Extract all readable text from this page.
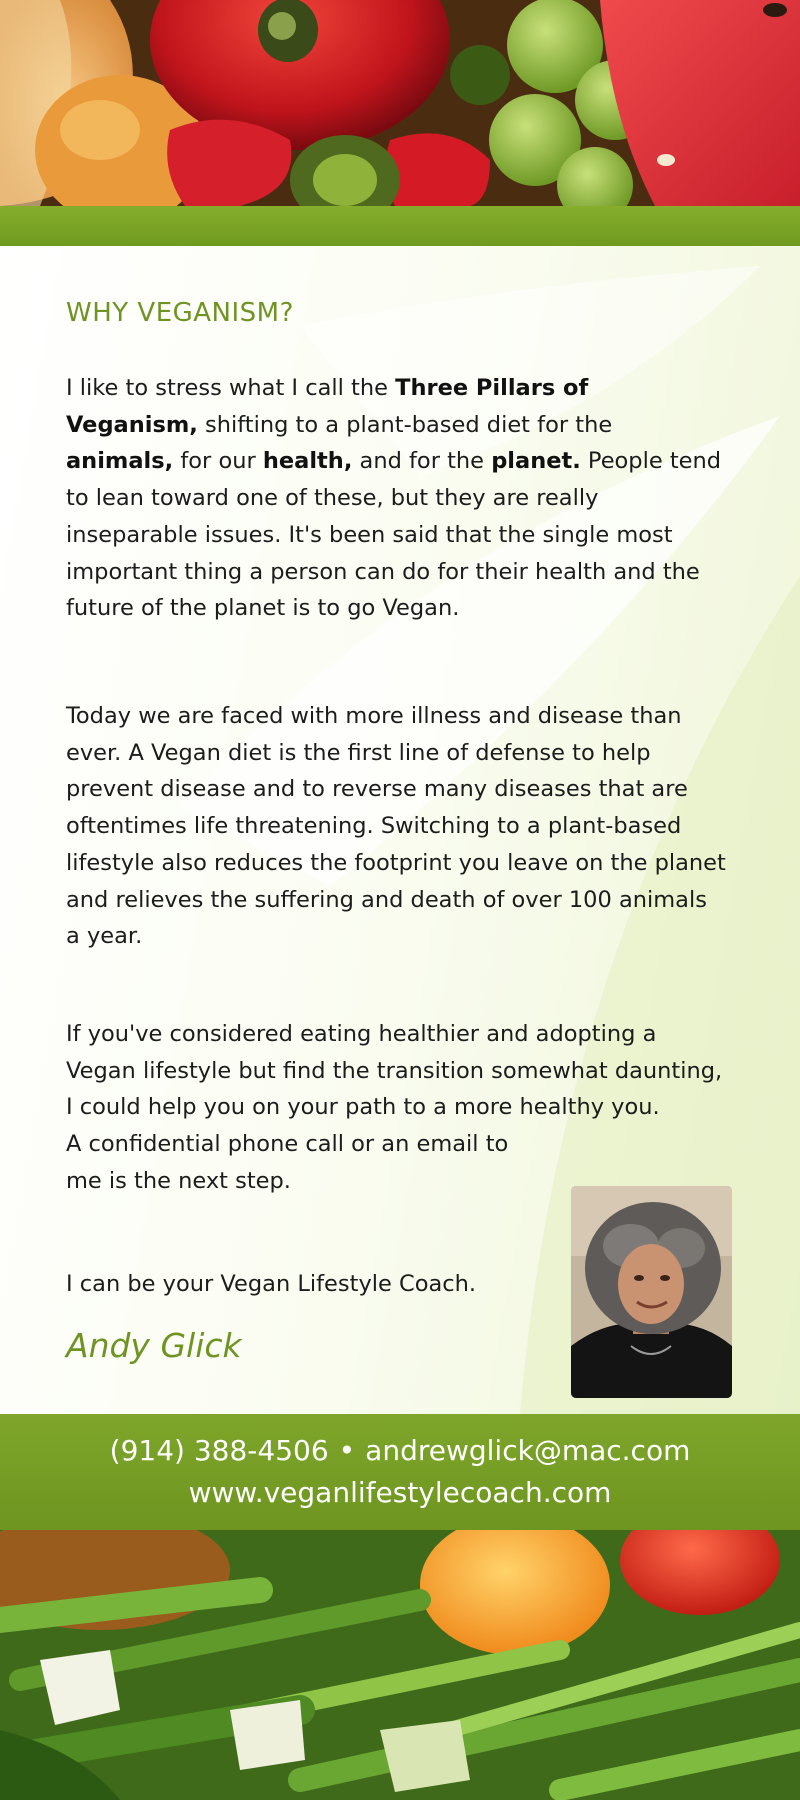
WHY VEGANISM?

I like to stress what I call the Three Pillars of Veganism, shifting to a plant-based diet for the animals, for our health, and for the planet. People tend to lean toward one of these, but they are really inseparable issues. It's been said that the single most important thing a person can do for their health and the future of the planet is to go Vegan.

Today we are faced with more illness and disease than ever. A Vegan diet is the first line of defense to help prevent disease and to reverse many diseases that are oftentimes life threatening. Switching to a plant-based lifestyle also reduces the footprint you leave on the planet and relieves the suffering and death of over 100 animals a year.

If you've considered eating healthier and adopting a Vegan lifestyle but find the transition somewhat daunting, I could help you on your path to a more healthy you.
A confidential phone call or an email to me is the next step.

I can be your Vegan Lifestyle Coach.

Andy Glick

(914) 388-4506 • andrewglick@mac.com
www.veganlifestylecoach.com
